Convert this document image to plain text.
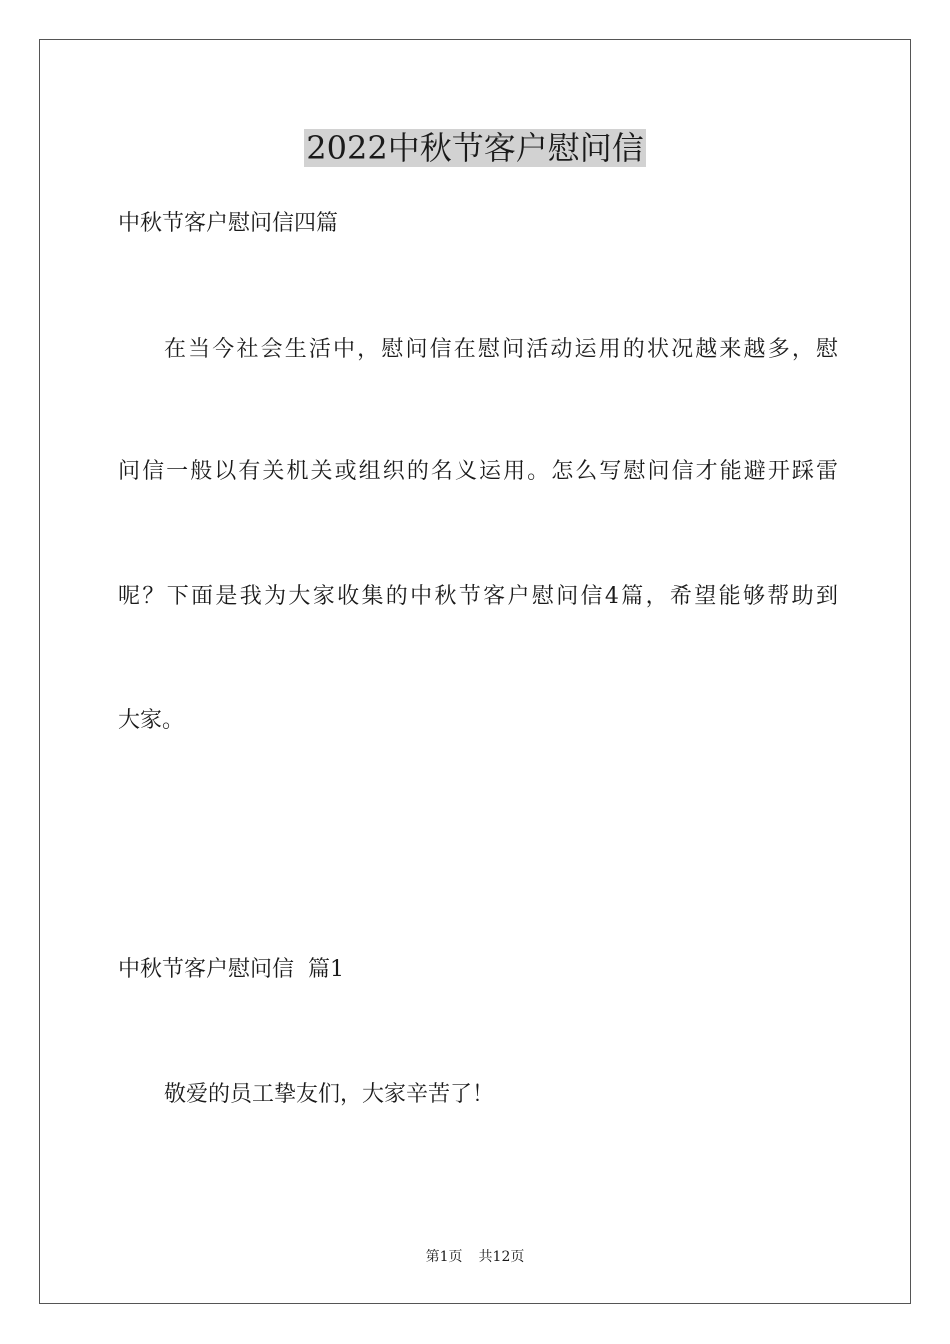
2022中秋节客户慰问信

中秋节客户慰问信四篇

在当今社会生活中，慰问信在慰问活动运用的状况越来越多，慰

问信一般以有关机关或组织的名义运用。怎么写慰问信才能避开踩雷

呢？下面是我为大家收集的中秋节客户慰问信4篇，希望能够帮助到

大家。

中秋节客户慰问信  篇1

敬爱的员工挚友们，大家辛苦了！

第1页 共12页
